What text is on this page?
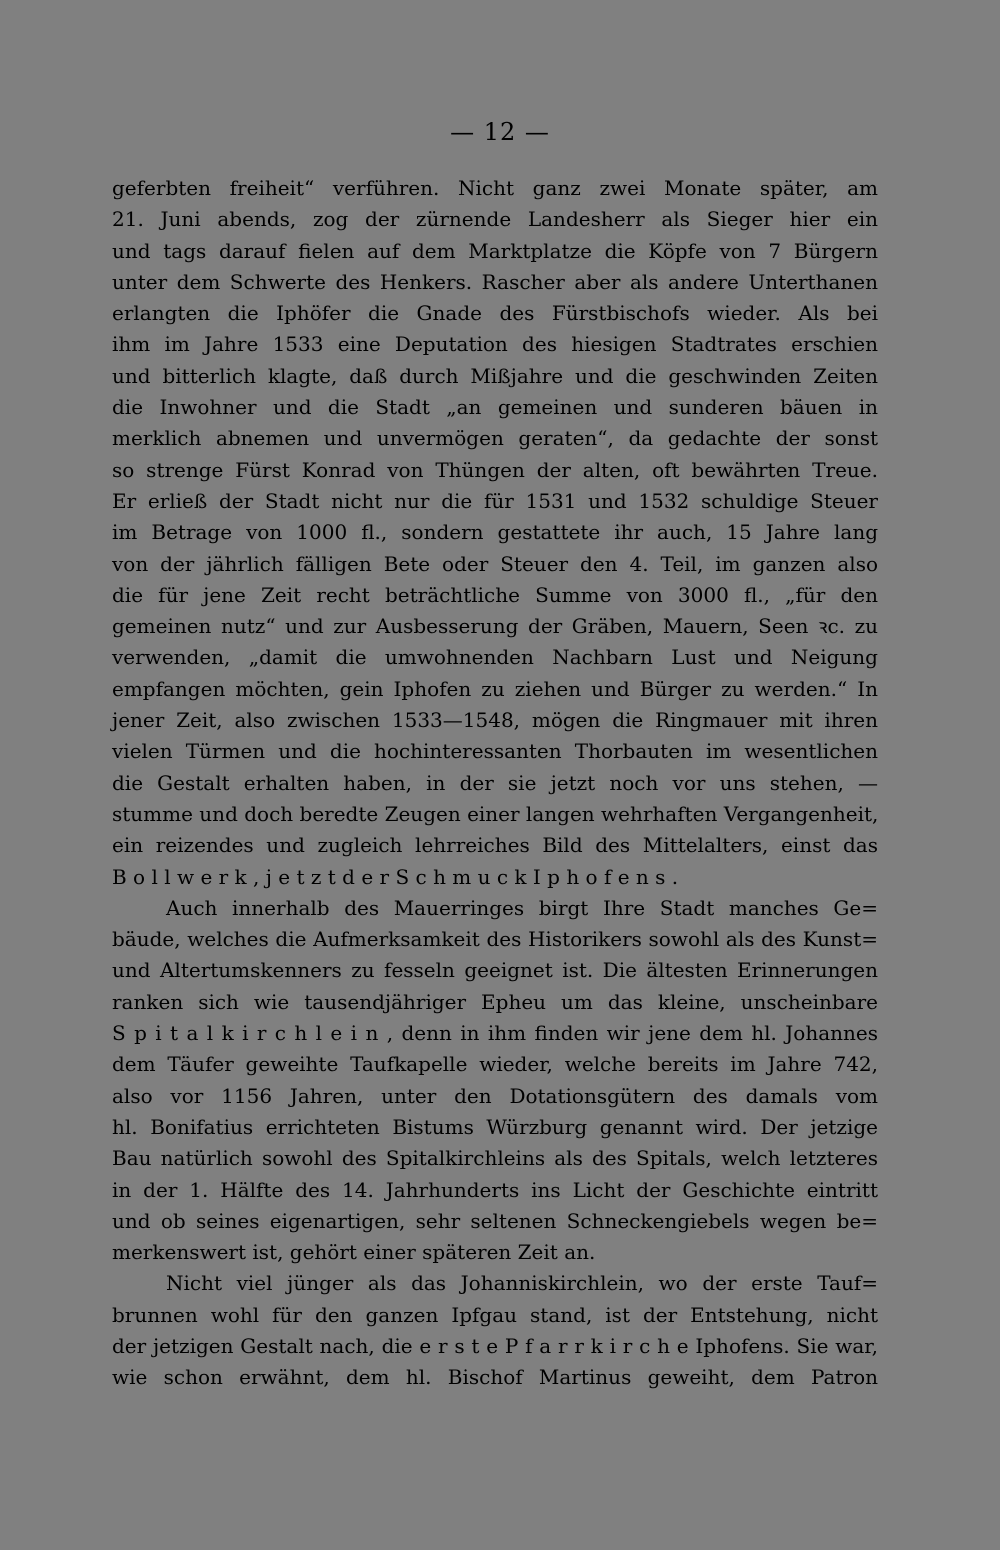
— 12 —
geferbten freiheit“ verführen. Nicht ganz zwei Monate später, am
21. Juni abends, zog der zürnende Landesherr als Sieger hier ein
und tags darauf fielen auf dem Marktplatze die Köpfe von 7 Bürgern
unter dem Schwerte des Henkers. Rascher aber als andere Unterthanen
erlangten die Iphöfer die Gnade des Fürstbischofs wieder. Als bei
ihm im Jahre 1533 eine Deputation des hiesigen Stadtrates erschien
und bitterlich klagte, daß durch Mißjahre und die geschwinden Zeiten
die Inwohner und die Stadt „an gemeinen und sunderen bäuen in
merklich abnemen und unvermögen geraten“, da gedachte der sonst
so strenge Fürst Konrad von Thüngen der alten, oft bewährten Treue.
Er erließ der Stadt nicht nur die für 1531 und 1532 schuldige Steuer
im Betrage von 1000 fl., sondern gestattete ihr auch, 15 Jahre lang
von der jährlich fälligen Bete oder Steuer den 4. Teil, im ganzen also
die für jene Zeit recht beträchtliche Summe von 3000 fl., „für den
gemeinen nutz“ und zur Ausbesserung der Gräben, Mauern, Seen ꝛc. zu
verwenden, „damit die umwohnenden Nachbarn Lust und Neigung
empfangen möchten, gein Iphofen zu ziehen und Bürger zu werden.“ In
jener Zeit, also zwischen 1533—1548, mögen die Ringmauer mit ihren
vielen Türmen und die hochinteressanten Thorbauten im wesentlichen
die Gestalt erhalten haben, in der sie jetzt noch vor uns stehen, —
stumme und doch beredte Zeugen einer langen wehrhaften Vergangenheit,
ein reizendes und zugleich lehrreiches Bild des Mittelalters, einst das
B o l l w e r k , j e t z t d e r S c h m u c k I p h o f e n s .
Auch innerhalb des Mauerringes birgt Ihre Stadt manches Ge=
bäude, welches die Aufmerksamkeit des Historikers sowohl als des Kunst=
und Altertumskenners zu fesseln geeignet ist. Die ältesten Erinnerungen
ranken sich wie tausendjähriger Epheu um das kleine, unscheinbare
S p i t a l k i r c h l e i n , denn in ihm finden wir jene dem hl. Johannes
dem Täufer geweihte Taufkapelle wieder, welche bereits im Jahre 742,
also vor 1156 Jahren, unter den Dotationsgütern des damals vom
hl. Bonifatius errichteten Bistums Würzburg genannt wird. Der jetzige
Bau natürlich sowohl des Spitalkirchleins als des Spitals, welch letzteres
in der 1. Hälfte des 14. Jahrhunderts ins Licht der Geschichte eintritt
und ob seines eigenartigen, sehr seltenen Schneckengiebels wegen be=
merkenswert ist, gehört einer späteren Zeit an.
Nicht viel jünger als das Johanniskirchlein, wo der erste Tauf=
brunnen wohl für den ganzen Ipfgau stand, ist der Entstehung, nicht
der jetzigen Gestalt nach, die e r s t e P f a r r k i r c h e Iphofens. Sie war,
wie schon erwähnt, dem hl. Bischof Martinus geweiht, dem Patron
